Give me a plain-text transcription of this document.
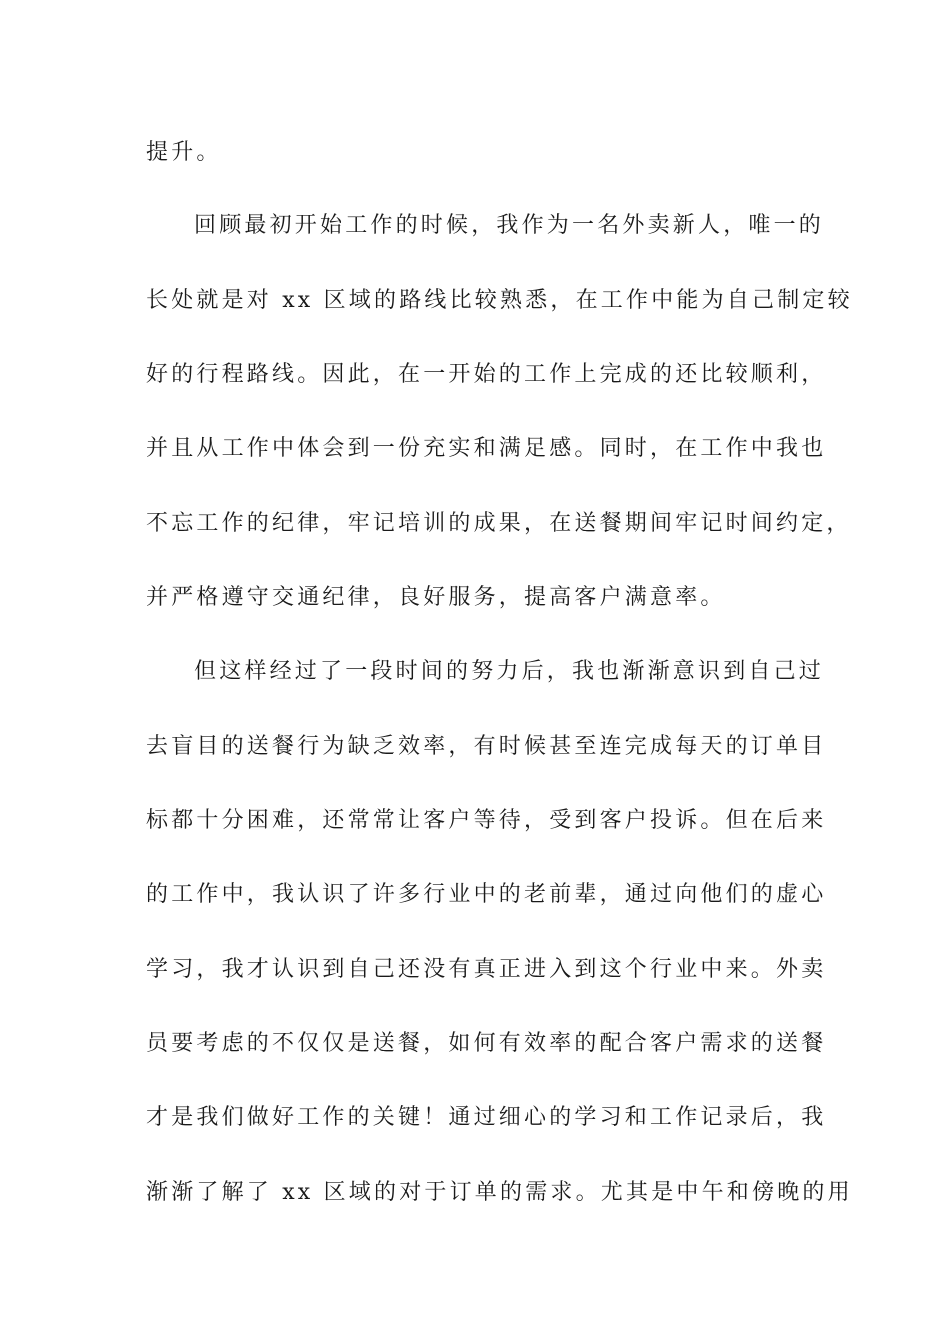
提升。
回顾最初开始工作的时候，我作为一名外卖新人，唯一的
长处就是对 xx 区域的路线比较熟悉，在工作中能为自己制定较
好的行程路线。因此，在一开始的工作上完成的还比较顺利，
并且从工作中体会到一份充实和满足感。同时，在工作中我也
不忘工作的纪律，牢记培训的成果，在送餐期间牢记时间约定，
并严格遵守交通纪律，良好服务，提高客户满意率。
但这样经过了一段时间的努力后，我也渐渐意识到自己过
去盲目的送餐行为缺乏效率，有时候甚至连完成每天的订单目
标都十分困难，还常常让客户等待，受到客户投诉。但在后来
的工作中，我认识了许多行业中的老前辈，通过向他们的虚心
学习，我才认识到自己还没有真正进入到这个行业中来。外卖
员要考虑的不仅仅是送餐，如何有效率的配合客户需求的送餐
才是我们做好工作的关键！通过细心的学习和工作记录后，我
渐渐了解了 xx 区域的对于订单的需求。尤其是中午和傍晚的用
